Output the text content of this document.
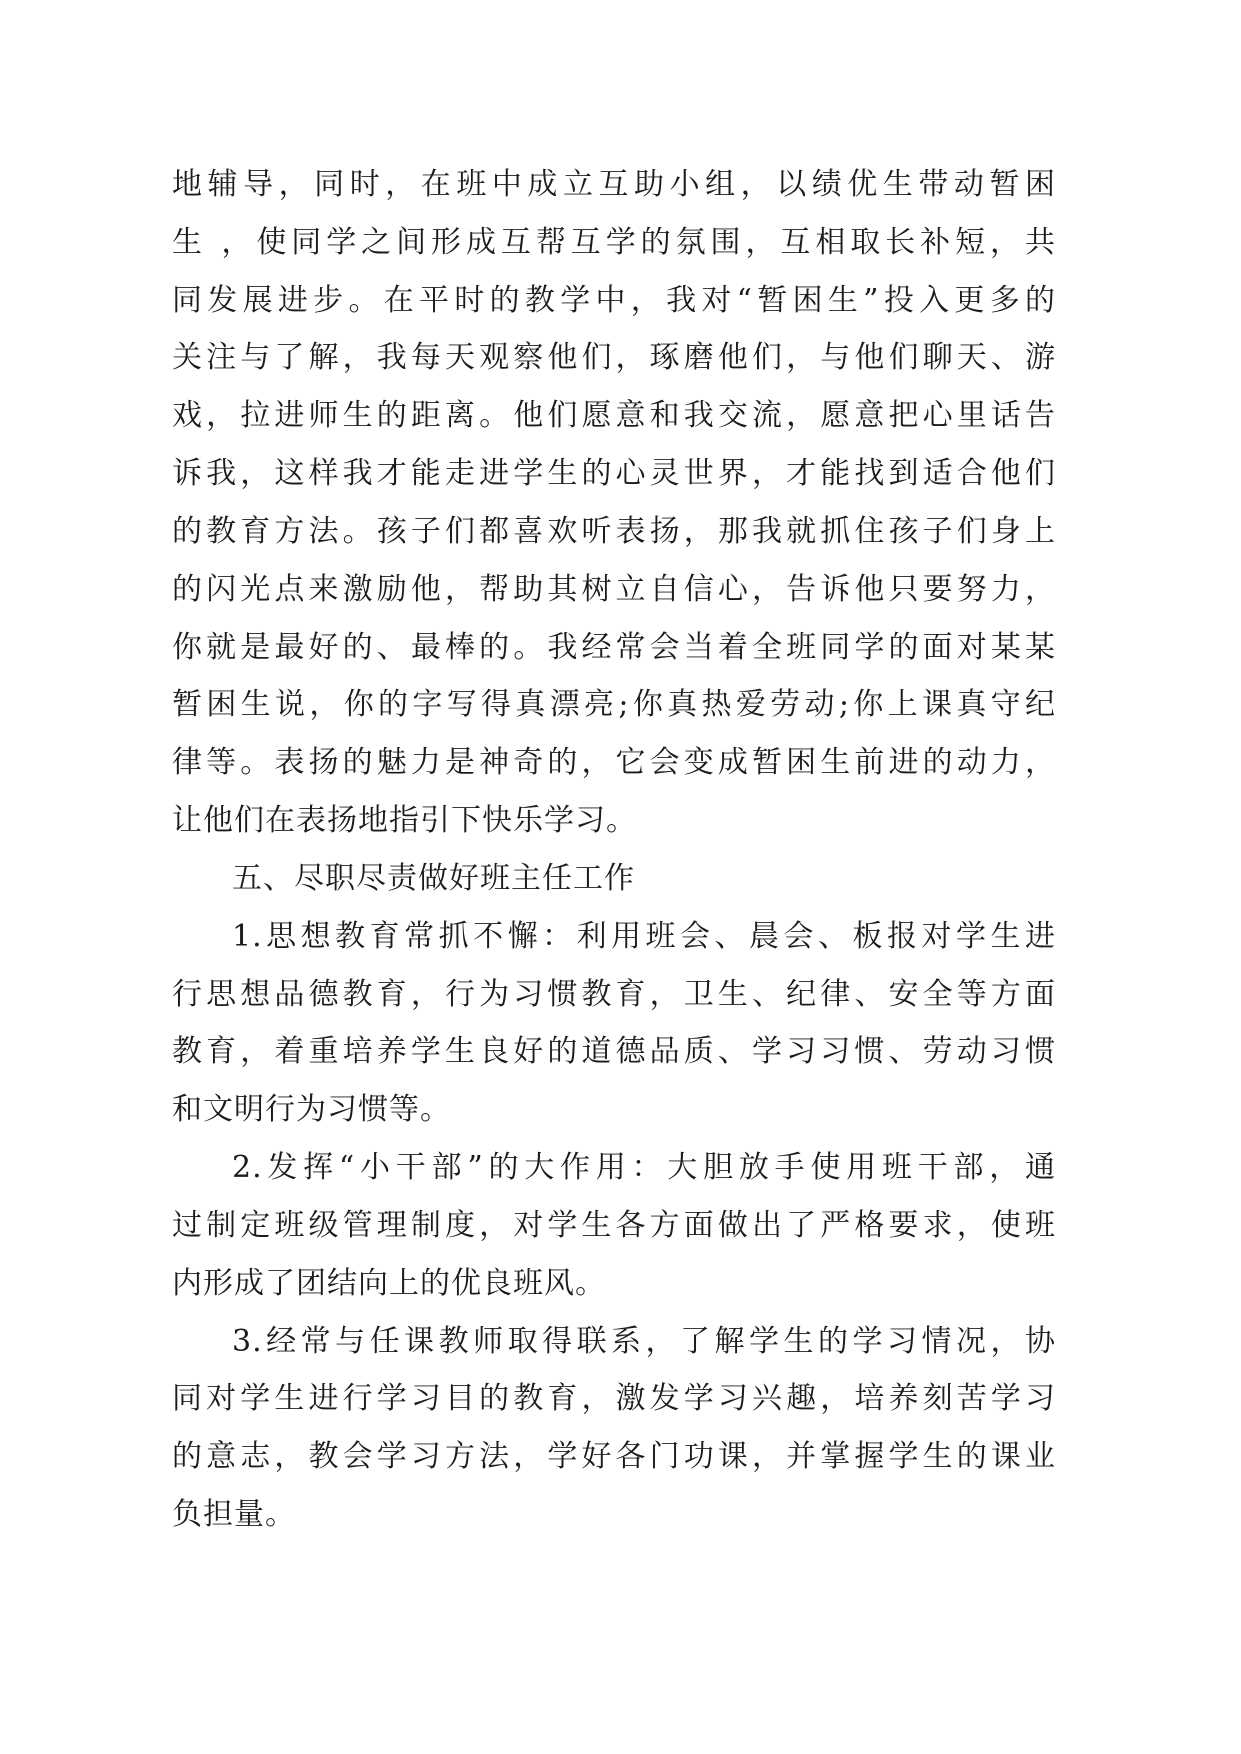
地辅导，同时，在班中成立互助小组，以绩优生带动暂困
生 ，使同学之间形成互帮互学的氛围，互相取长补短，共
同发展进步。在平时的教学中，我对“暂困生”投入更多的
关注与了解，我每天观察他们，琢磨他们，与他们聊天、游
戏，拉进师生的距离。他们愿意和我交流，愿意把心里话告
诉我，这样我才能走进学生的心灵世界，才能找到适合他们
的教育方法。孩子们都喜欢听表扬，那我就抓住孩子们身上
的闪光点来激励他，帮助其树立自信心，告诉他只要努力，
你就是最好的、最棒的。我经常会当着全班同学的面对某某
暂困生说，你的字写得真漂亮;你真热爱劳动;你上课真守纪
律等。表扬的魅力是神奇的，它会变成暂困生前进的动力，
让他们在表扬地指引下快乐学习。
五、尽职尽责做好班主任工作
1.思想教育常抓不懈：利用班会、晨会、板报对学生进
行思想品德教育，行为习惯教育，卫生、纪律、安全等方面
教育，着重培养学生良好的道德品质、学习习惯、劳动习惯
和文明行为习惯等。
2.发挥“小干部”的大作用：大胆放手使用班干部，通
过制定班级管理制度，对学生各方面做出了严格要求，使班
内形成了团结向上的优良班风。
3.经常与任课教师取得联系，了解学生的学习情况，协
同对学生进行学习目的教育，激发学习兴趣，培养刻苦学习
的意志，教会学习方法，学好各门功课，并掌握学生的课业
负担量。
